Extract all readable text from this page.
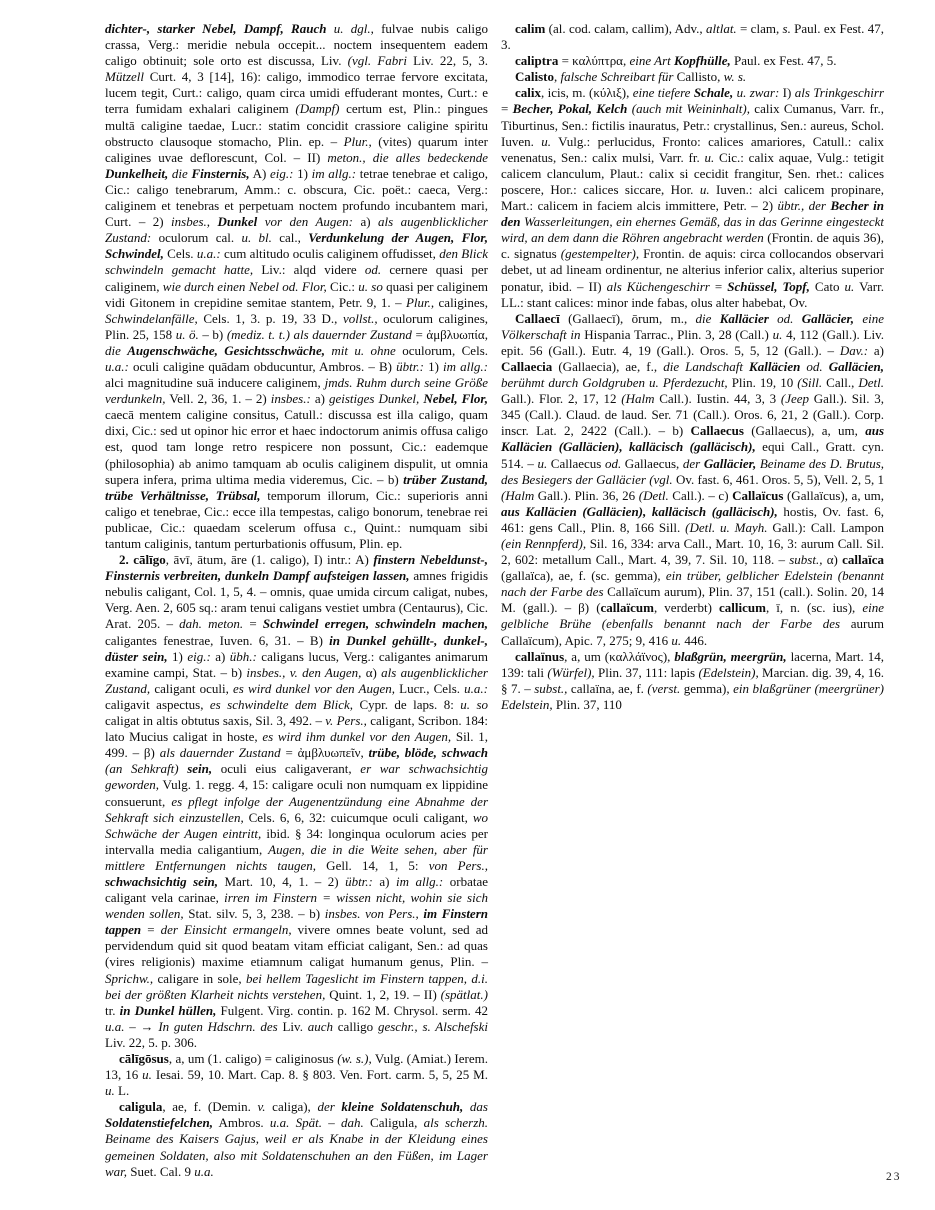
dichter-, starker Nebel, Dampf, Rauch u. dgl., fulvae nubis caligo crassa, Verg.: meridie nebula occepit... noctem insequentem eadem caligo obtinuit; sole orto est discussa, Liv. (vgl. Fabri Liv. 22, 5, 3. Mützell Curt. 4, 3 [14], 16): caligo, immodico terrae fervore excitata, lucem tegit, Curt.: caligo, quam circa umidi effuderant montes, Curt.: e terra fumidam exhalari caliginem (Dampf) certum est, Plin.: pingues multā caligine taedae, Lucr.: statim concidit crassiore caligine spiritu obstructo clausoque stomacho, Plin. ep. – Plur., (vites) quarum inter caligines uvae deflorescunt, Col. – II) meton., die alles bedeckende Dunkelheit, die Finsternis, A) eig.: 1) im allg.: tetrae tenebrae et caligo, Cic.: caligo tenebrarum, Amm.: c. obscura, Cic. poët.: caeca, Verg.: caliginem et tenebras et perpetuam noctem profundo incubantem mari, Curt. – 2) insbes., Dunkel vor den Augen: a) als augenblicklicher Zustand: oculorum cal. u. bl. cal., Verdunkelung der Augen, Flor, Schwindel, Cels. u.a.: cum altitudo oculis caliginem offudisset, den Blick schwindeln gemacht hatte, Liv.: alqd videre od. cernere quasi per caliginem, wie durch einen Nebel od. Flor, Cic.: u. so quasi per caliginem vidi Gitonem in crepidine semitae stantem, Petr. 9, 1. – Plur., caligines, Schwindelanfälle, Cels. 1, 3. p. 19, 33 D., vollst., oculorum caligines, Plin. 25, 158 u. ö. – b) (mediz. t. t.) als dauernder Zustand = ἀμβλυωπία, die Augenschwäche, Gesichtsschwäche, mit u. ohne oculorum, Cels. u.a.: oculi caligine quādam obducuntur, Ambros. – B) übtr.: 1) im allg.: alci magnitudine suā inducere caliginem, jmds. Ruhm durch seine Größe verdunkeln, Vell. 2, 36, 1. – 2) insbes.: a) geistiges Dunkel, Nebel, Flor, caecā mentem caligine consitus, Catull.: discussa est illa caligo, quam dixi, Cic.: sed ut opinor hic error et haec indoctorum animis offusa caligo est, quod tam longe retro respicere non possunt, Cic.: eademque (philosophia) ab animo tamquam ab oculis caliginem dispulit, ut omnia supera infera, prima ultima media videremus, Cic. – b) trüber Zustand, trübe Verhältnisse, Trübsal, temporum illorum, Cic.: superioris anni caligo et tenebrae, Cic.: ecce illa tempestas, caligo bonorum, tenebrae rei publicae, Cic.: quaedam scelerum offusa c., Quint.: numquam sibi tantum caliginis, tantum perturbationis offusum, Plin. ep.

2. cālīgo, āvī, ātum, āre (1. caligo), I) intr.: A) finstern Nebeldunst-, Finsternis verbreiten, dunkeln Dampf aufsteigen lassen, amnes frigidis nebulis caligant, Col. 1, 5, 4. – omnis, quae umida circum caligat, nubes, Verg. Aen. 2, 605 sq.: aram tenui caligans vestiet umbra (Centaurus), Cic. Arat. 205. – dah. meton. = Schwindel erregen, schwindeln machen, caligantes fenestrae, Iuven. 6, 31. – B) in Dunkel gehüllt-, dunkel-, düster sein, 1) eig.: a) übh.: caligans lucus, Verg.: caligantes animarum examine campi, Stat. – b) insbes., v. den Augen, α) als augenblicklicher Zustand, caligant oculi, es wird dunkel vor den Augen, Lucr., Cels. u.a.: caligavit aspectus, es schwindelte dem Blick, Cypr. de laps. 8: u. so caligat in altis obtutus saxis, Sil. 3, 492. – v. Pers., caligant, Scribon. 184: lato Mucius caligat in hoste, es wird ihm dunkel vor den Augen, Sil. 1, 499. – β) als dauernder Zustand = ἀμβλυωπεῖν, trübe, blöde, schwach (an Sehkraft) sein, oculi eius caligaverant, er war schwachsichtig geworden, Vulg. 1. regg. 4, 15: caligare oculi non numquam ex lippidine consuerunt, es pflegt infolge der Augenentzündung eine Abnahme der Sehkraft sich einzustellen, Cels. 6, 6, 32: cuicumque oculi caligant, wo Schwäche der Augen eintritt, ibid. § 34: longinqua oculorum acies per intervalla media caligantium, Augen, die in die Weite sehen, aber für mittlere Entfernungen nichts taugen, Gell. 14, 1, 5: von Pers., schwachsichtig sein, Mart. 10, 4, 1. – 2) übtr.: a) im allg.: orbatae caligant vela carinae, irren im Finstern = wissen nicht, wohin sie sich wenden sollen, Stat. silv. 5, 3, 238. – b) insbes. von Pers., im Finstern tappen = der Einsicht ermangeln, vivere omnes beate volunt, sed ad pervidendum quid sit quod beatam vitam efficiat caligant, Sen.: ad quas (vires religionis) maxime etiamnum caligat humanum genus, Plin. – Sprichw., caligare in sole, bei hellem Tageslicht im Finstern tappen, d.i. bei der größten Klarheit nichts verstehen, Quint. 1, 2, 19. – II) (spätlat.) tr. in Dunkel hüllen, Fulgent. Virg. contin. p. 162 M. Chrysol. serm. 42 u.a. – → In guten Hdschrn. des Liv. auch calligo geschr., s. Alschefski Liv. 22, 5. p. 306.

cālīgōsus, a, um (1. caligo) = caliginosus (w. s.), Vulg. (Amiat.) Ierem. 13, 16 u. Iesai. 59, 10. Mart. Cap. 8. § 803. Ven. Fort. carm. 5, 5, 25 M. u. L.

caligula, ae, f. (Demin. v. caliga), der kleine Soldatenschuh, das Soldatenstiefelchen, Ambros. u.a. Spät. – dah. Caligula, als scherzh. Beiname des Kaisers Gajus, weil er als Knabe in der Kleidung eines gemeinen Soldaten, also mit Soldatenschuhen an den Füßen, im Lager war, Suet. Cal. 9 u.a.

calim (al. cod. calam, callim), Adv., altlat. = clam, s. Paul. ex Fest. 47, 3.

caliptra = καλύπτρα, eine Art Kopfhülle, Paul. ex Fest. 47, 5.

Calisto, falsche Schreibart für Callisto, w. s.

calix, icis, m. (κύλιξ), eine tiefere Schale, u. zwar: I) als Trinkgeschirr = Becher, Pokal, Kelch (auch mit Weininhalt), calix Cumanus, Varr. fr., Tiburtinus, Sen.: fictilis inauratus, Petr.: crystallinus, Sen.: aureus, Schol. Iuven. u. Vulg.: perlucidus, Fronto: calices amariores, Catull.: calix venenatus, Sen.: calix mulsi, Varr. fr. u. Cic.: calix aquae, Vulg.: tetigit calicem clanculum, Plaut.: calix si cecidit frangitur, Sen. rhet.: calices poscere, Hor.: calices siccare, Hor. u. Iuven.: alci calicem propinare, Mart.: calicem in faciem alcis immittere, Petr. – 2) übtr., der Becher in den Wasserleitungen, ein ehernes Gemäß, das in das Gerinne eingesteckt wird, an dem dann die Röhren angebracht werden (Frontin. de aquis 36), c. signatus (gestempelter), Frontin. de aquis: circa collocandos observari debet, ut ad lineam ordinentur, ne alterius inferior calix, alterius superior ponatur, ibid. – II) als Küchengeschirr = Schüssel, Topf, Cato u. Varr. LL.: stant calices: minor inde fabas, olus alter habebat, Ov.

Callaecī (Gallaecī), ōrum, m., die Kalläcier od. Galläcier, eine Völkerschaft in Hispania Tarrac., Plin. 3, 28 (Call.) u. 4, 112 (Gall.). Liv. epit. 56 (Gall.). Eutr. 4, 19 (Gall.). Oros. 5, 5, 12 (Gall.). – Dav.: a) Callaecia (Gallaecia), ae, f., die Landschaft Kalläcien od. Galläcien, berühmt durch Goldgruben u. Pferdezucht, Plin. 19, 10 (Sill. Call., Detl. Gall.). Flor. 2, 17, 12 (Halm Call.). Iustin. 44, 3, 3 (Jeep Gall.). Sil. 3, 345 (Call.). Claud. de laud. Ser. 71 (Call.). Oros. 6, 21, 2 (Gall.). Corp. inscr. Lat. 2, 2422 (Call.). – b) Callaecus (Gallaecus), a, um, aus Kalläcien (Galläcien), kalläcisch (galläcisch), equi Call., Gratt. cyn. 514. – u. Callaecus od. Gallaecus, der Galläcier, Beiname des D. Brutus, des Besiegers der Galläcier (vgl. Ov. fast. 6, 461. Oros. 5, 5), Vell. 2, 5, 1 (Halm Gall.). Plin. 36, 26 (Detl. Call.). – c) Callaïcus (Gallaïcus), a, um, aus Kalläcien (Galläcien), kalläcisch (galläcisch), hostis, Ov. fast. 6, 461: gens Call., Plin. 8, 166 Sill. (Detl. u. Mayh. Gall.): Call. Lampon (ein Rennpferd), Sil. 16, 334: arva Call., Mart. 10, 16, 3: aurum Call. Sil. 2, 602: metallum Call., Mart. 4, 39, 7. Sil. 10, 118. – subst., α) callaïca (gallaïca), ae, f. (sc. gemma), ein trüber, gelblicher Edelstein (benannt nach der Farbe des Callaïcum aurum), Plin. 37, 151 (call.). Solin. 20, 14 M. (gall.). – β) (callaïcum, verderbt) callicum, ī, n. (sc. ius), eine gelbliche Brühe (ebenfalls benannt nach der Farbe des aurum Callaïcum), Apic. 7, 275; 9, 416 u. 446.

callaïnus, a, um (καλλάϊνος), blaßgrün, meergrün, lacerna, Mart. 14, 139: tali (Würfel), Plin. 37, 111: lapis (Edelstein), Marcian. dig. 39, 4, 16. § 7. – subst., callaïna, ae, f. (verst. gemma), ein blaßgrüner (meergrüner) Edelstein, Plin. 37, 110

23
